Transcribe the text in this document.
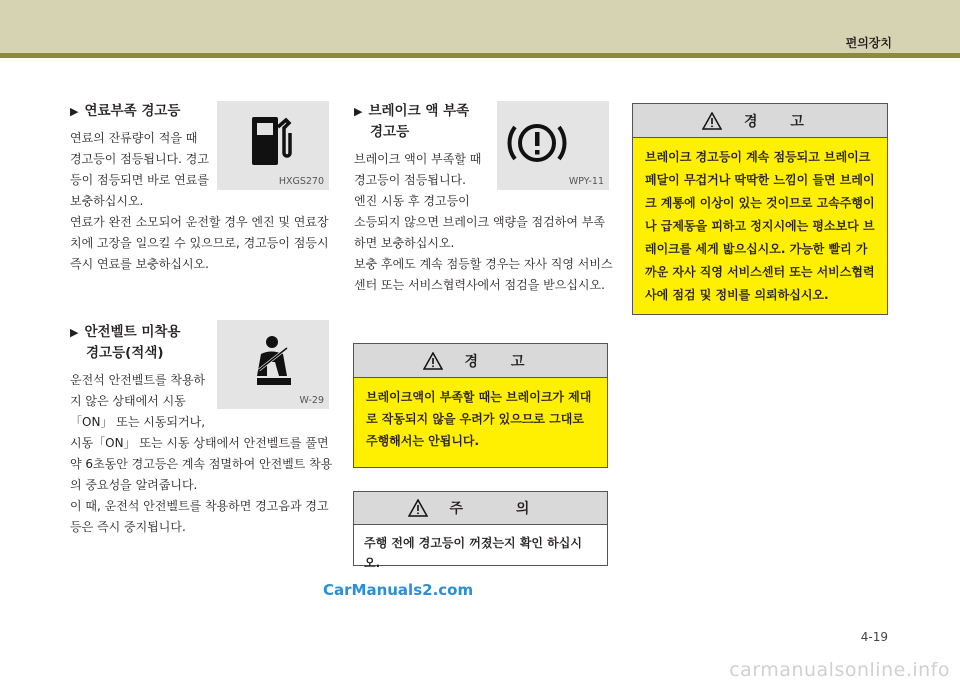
편의장치
▶ 연료부족 경고등

연료의 잔류량이 적을 때 경고등이 점등됩니다. 경고등이 점등되면 바로 연료를 보충하십시오.

연료가 완전 소모되어 운전할 경우 엔진 및 연료장치에 고장을 일으킬 수 있으므로, 경고등이 점등시 즉시 연료를 보충하십시오.

HXGS270
▶ 안전벨트 미착용
경고등(적색)

운전석 안전벨트를 착용하지 않은 상태에서 시동「ON」 또는 시동되거나,

시동「ON」 또는 시동 상태에서 안전벨트를 풀면 약 6초동안 경고등은 계속 점멸하여 안전벨트 착용의 중요성을 알려줍니다.

이 때, 운전석 안전벨트를 착용하면 경고음과 경고등은 즉시 중지됩니다.

W-29
▶ 브레이크 액 부족
경고등

브레이크 액이 부족할 때 경고등이 점등됩니다.

엔진 시동 후 경고등이

소등되지 않으면 브레이크 액량을 점검하여 부족하면 보충하십시오.

보충 후에도 계속 점등할 경우는 자사 직영 서비스센터 또는 서비스협력사에서 점검을 받으십시오.

WPY-11
경 고
브레이크액이 부족할 때는 브레이크가 제대로 작동되지 않을 우려가 있으므로 그대로 주행해서는 안됩니다.
주 의
주행 전에 경고등이 꺼졌는지 확인 하십시오.
경 고
브레이크 경고등이 계속 점등되고 브레이크 페달이 무겁거나 딱딱한 느낌이 들면 브레이크 계통에 이상이 있는 것이므로 고속주행이나 급제동을 피하고 정지시에는 평소보다 브레이크를 세게 밟으십시오. 가능한 빨리 가까운 자사 직영 서비스센터 또는 서비스협력사에 점검 및 정비를 의뢰하십시오.
CarManuals2.com
4-19
carmanualsonline.info
